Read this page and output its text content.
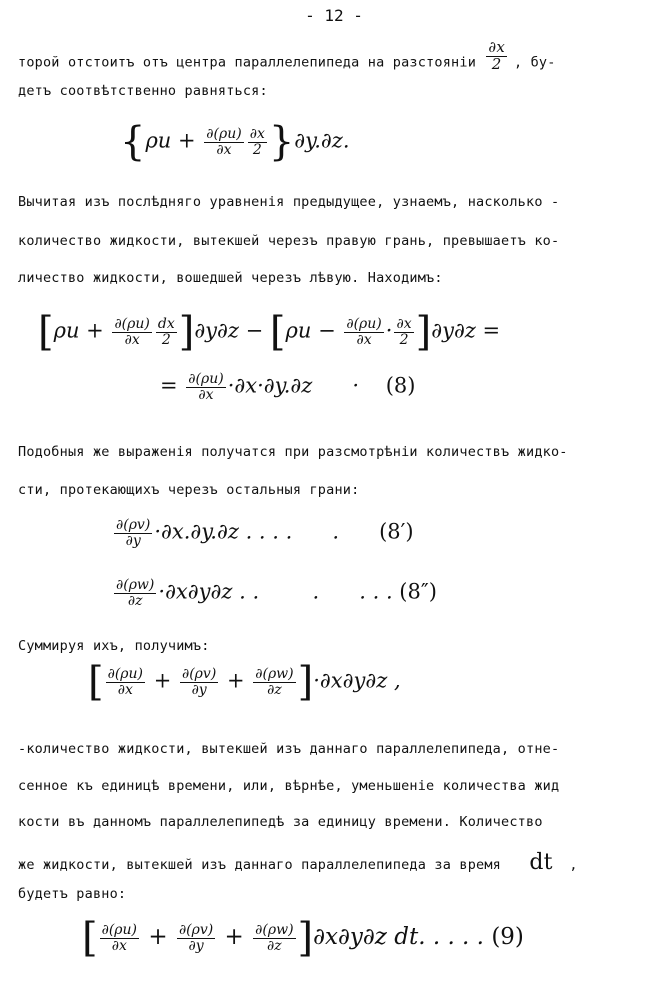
- 12 -
торой отстоитъ отъ центра параллелепипеда на разстояніи $\frac{\partial x}{2}$ , бу-
детъ соотвѣтственно равняться:
$\{\rho u + \frac{\partial(\rho u)}{\partial x} \frac{\partial x}{2} \}\partial y.\partial z$.
Вычитая изъ послѣдняго уравненія предыдущее, узнаемъ, насколько -
количество жидкости, вытекшей черезъ правую грань, превышаетъ ко-
личество жидкости, вошедшей черезъ лѣвую. Находимъ:
$[\rho u + \frac{\partial(\rho u)}{\partial x} \frac{dx}{2} ]\partial y\partial z - [\rho u - \frac{\partial(\rho u)}{\partial x} \cdot \frac{\partial x}{2} ]\partial y\partial z$ =
= $\frac{\partial(\rho u)}{\partial x} \cdot\partial x\cdot\partial y.\partial z$      ·    (8)
Подобныя же выраженія получатся при разсмотрѣніи количествъ жидко-
сти, протекающихъ черезъ остальныя грани:
$\frac{\partial(\rho v)}{\partial y} \cdot\partial x.\partial y.\partial z$ . . . .      .      (8′)
$\frac{\partial(\rho w)}{\partial z} \cdot\partial x\partial y\partial z$ . .        .      . . . (8″)
Суммируя ихъ, получимъ:
[ $\frac{\partial(\rho u)}{\partial x} + \frac{\partial(\rho v)}{\partial y} + \frac{\partial(\rho w)}{\partial z} ]\cdot\partial x\partial y\partial z$ ,
-количество жидкости, вытекшей изъ даннаго параллелепипеда, отне-
сенное къ единицѣ времени, или, вѣрнѣе, уменьшеніе количества жид
кости въ данномъ параллелепипедѣ за единицу времени. Количество
же жидкости, вытекшей изъ даннаго параллелепипеда за время dt  ,
будетъ равно:
[ $\frac{\partial(\rho u)}{\partial x} + \frac{\partial(\rho v)}{\partial y} + \frac{\partial(\rho w)}{\partial z} ]\partial x\partial y\partial z$ dt. . . . . (9)
